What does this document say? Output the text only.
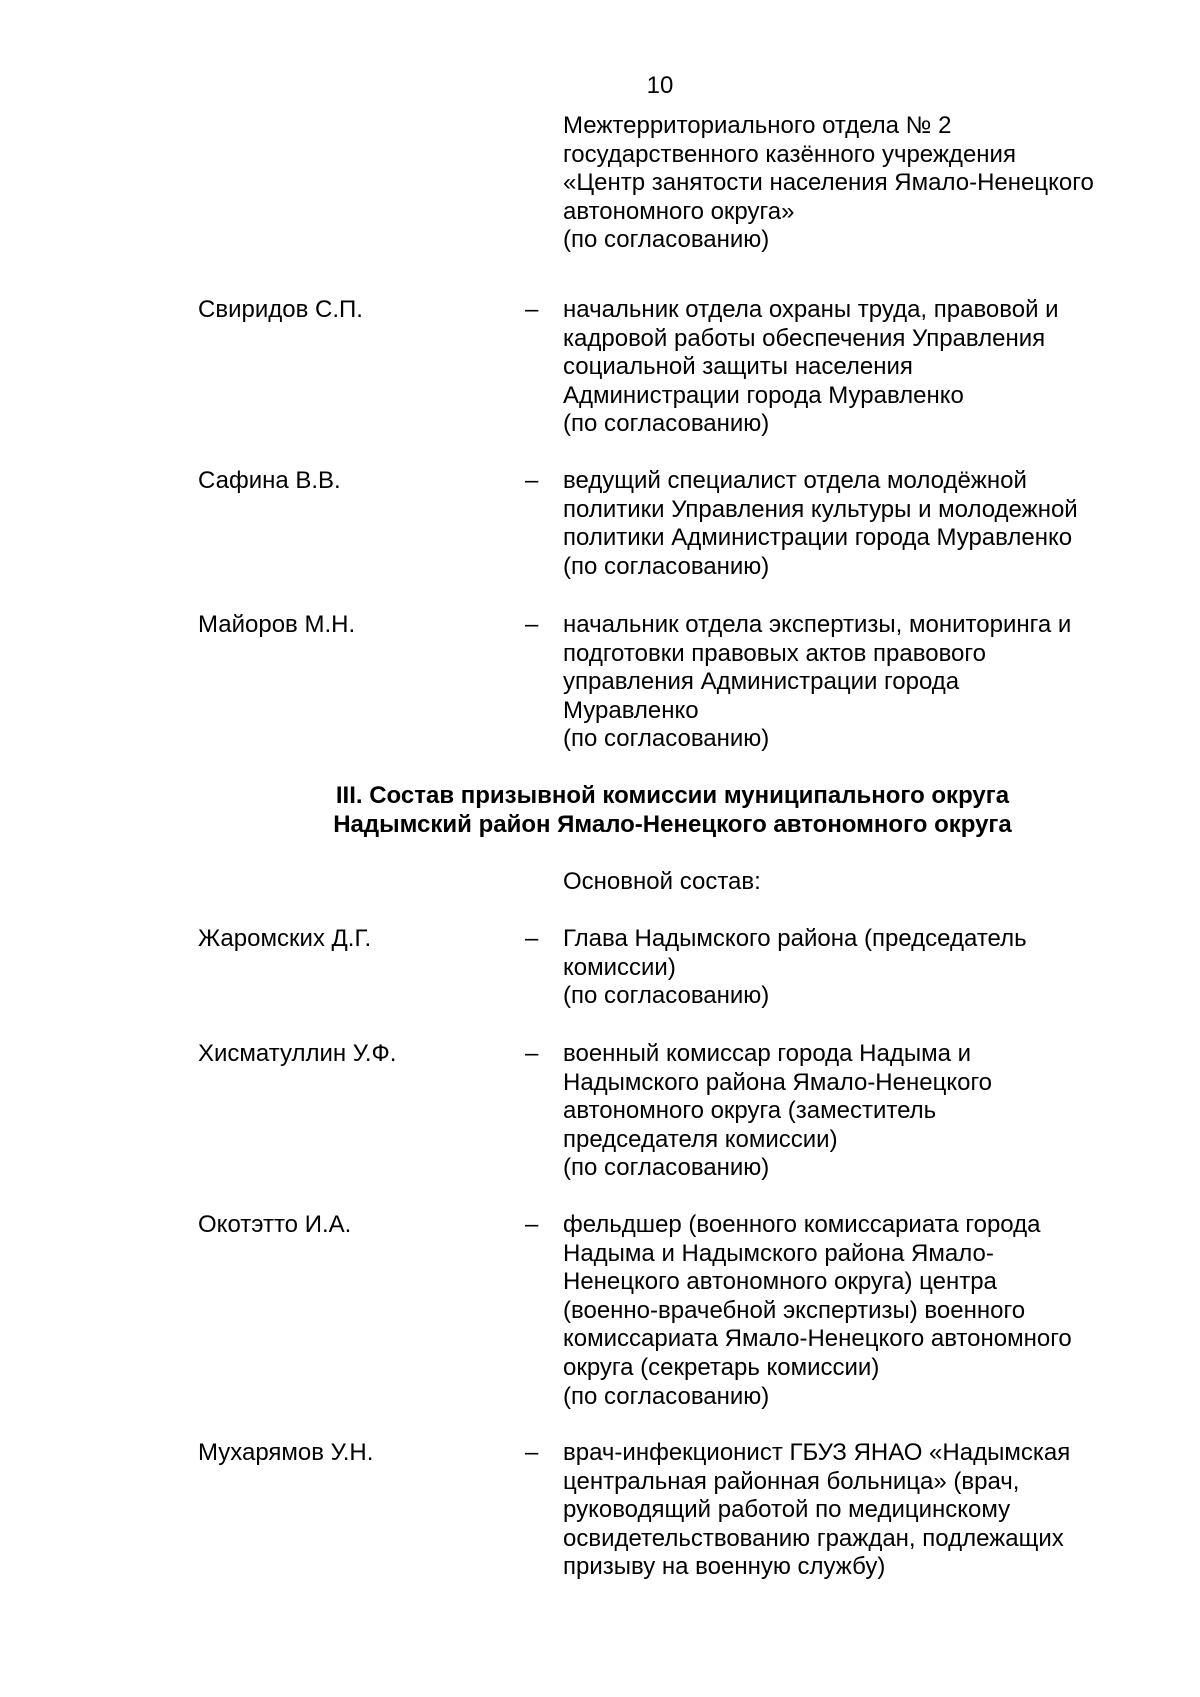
10
Межтерриториального отдела № 2
государственного казённого учреждения
«Центр занятости населения Ямало-Ненецкого
автономного округа»
(по согласованию)
Свиридов С.П.	– начальник отдела охраны труда, правовой и
кадровой работы обеспечения Управления
социальной защиты населения
Администрации города Муравленко
(по согласованию)
Сафина В.В.	– ведущий специалист отдела молодёжной
политики Управления культуры и молодежной
политики Администрации города Муравленко
(по согласованию)
Майоров М.Н.	– начальник отдела экспертизы, мониторинга и
подготовки правовых актов правового
управления Администрации города
Муравленко
(по согласованию)
III. Состав призывной комиссии муниципального округа
Надымский район Ямало-Ненецкого автономного округа
Основной состав:
Жаромских Д.Г.	– Глава Надымского района (председатель
комиссии)
(по согласованию)
Хисматуллин У.Ф.	– военный комиссар города Надыма и
Надымского района Ямало-Ненецкого
автономного округа (заместитель
председателя комиссии)
(по согласованию)
Окотэтто И.А.	– фельдшер (военного комиссариата города
Надыма и Надымского района Ямало-
Ненецкого автономного округа) центра
(военно-врачебной экспертизы) военного
комиссариата Ямало-Ненецкого автономного
округа (секретарь комиссии)
(по согласованию)
Мухарямов У.Н.	– врач-инфекционист ГБУЗ ЯНАО «Надымская
центральная районная больница» (врач,
руководящий работой по медицинскому
освидетельствованию граждан, подлежащих
призыву на военную службу)
